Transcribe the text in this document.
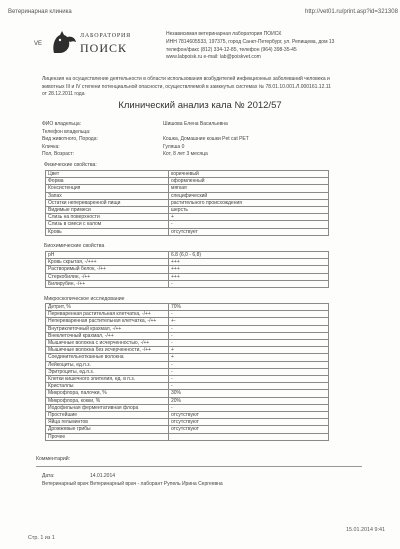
Ветеринарная клиника	http://vet01.ru/print.asp?id=321308
VE
ЛАБОРАТОРИЯ
ПОИСК
Независимая ветеринарная лаборатория ПОИСК
ИНН 7814605533, 197375, город Санкт-Петербург, ул. Репищева, дом 13
телефон/факс (812) 334-12-85, телефон (964) 398-35-45
www.labpoisk.ru e-mail: lab@poiskvet.com
Лицензия на осуществление деятельности в области использования возбудителей инфекционных заболеваний человека и
животных III и IV степени потенциальной опасности, осуществляемой в замкнутых системах № 78.01.10.001.Л.000161.12.11
от 28.12.2011 года
Клинический анализ кала № 2012/57
ФИО владельца:	Шишова Елена Васильевна
Телефон владельца:
Вид животного, Порода:	Кошка, Домашние кошки Pet cat PET
Кличка:	Гуляша 0
Пол, Возраст:	Кот, 8 лет 3 месяца
Физические свойства:
Цвет	коричневый
Форма	оформленный
Консистенция	мягкая
Запах	специфический
Остатки непереваренной пищи	растительного происхождения
Видимые примеси	шерсть
Слизь на поверхности	+
Слизь в смеси с калом	-
Кровь	отсутствует
Биохимические свойства
pH	6.8 (6,0 - 6,8)
Кровь скрытая, -/+++	+++
Растворимый белок, -/++	+++
Стеркобилин, -/++	+++
Билирубин, -/++	-
Микроскопическое исследование
Детрит, %	70%
Переваренная растительная клетчатка, -/++	-
Непереваренная растительная клетчатка, -/++	+-
Внутриклеточный крахмал, -/++	-
Внеклеточный крахмал, -/++	-
Мышечные волокна с исчерченностью, -/++	-
Мышечные волокна без исчерченности, -/++	+
Соединительнотканные волокна	+
Лейкоциты, ед.п.з.	-
Эритроциты, ед.п.з.	-
Клетки кишечного эпителия, ед. в п.з.	-
Кристаллы	-
Микрофлора, палочки, %	30%
Микрофлора, кокки, %	20%
Йодофильная ферментативная флора	-
Простейшие	отсутствуют
Яйца гельминтов	отсутствуют
Дрожжевые грибы	отсутствуют
Прочее	
Комментарий:
Дата:	14.01.2014
Ветеринарный врач: Ветеринарный врач - лаборант Рупель Ирина Сергеевна
Стр. 1 из 1
15.01.2014 9:41
